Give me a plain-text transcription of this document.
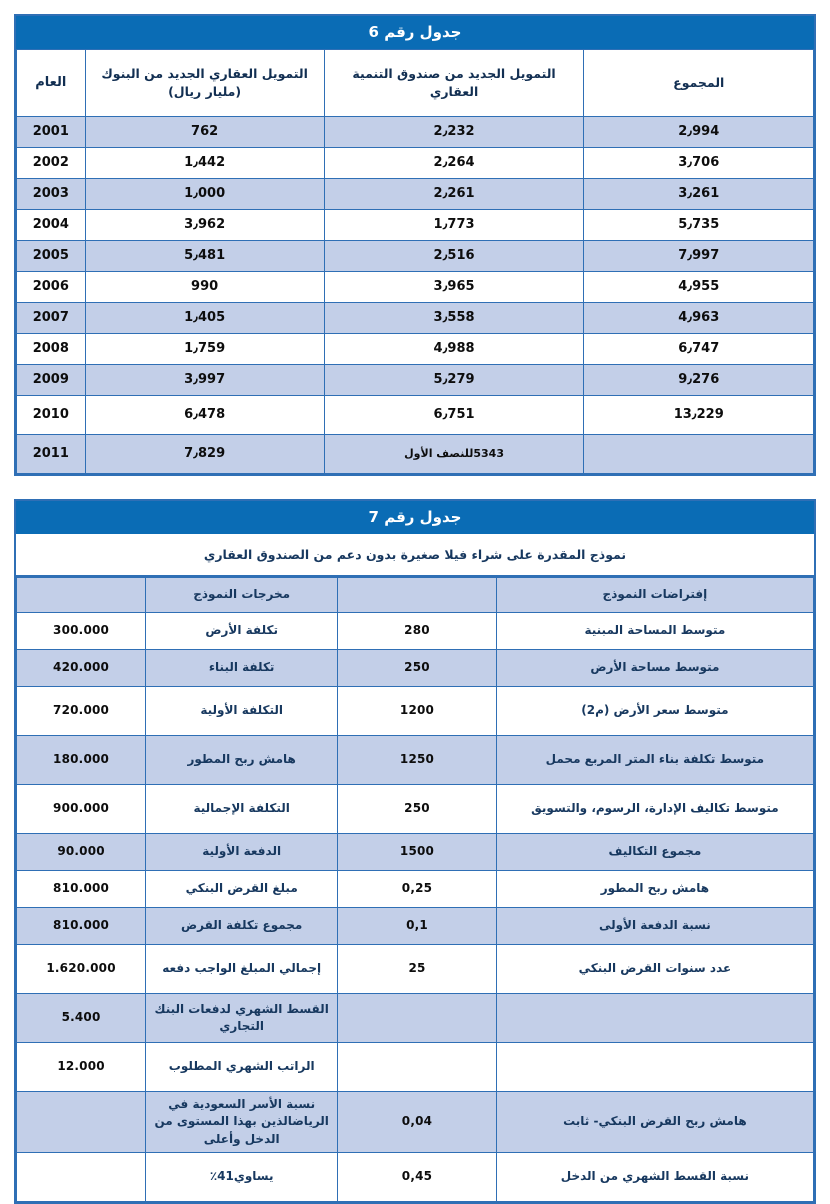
جدول رقم 6
المجموع	التمويل الجديد من صندوق التنمية العقاري	التمويل العقاري الجديد من البنوك (مليار ريال)	العام
2٫994	2٫232	762	2001
3٫706	2٫264	1٫442	2002
3٫261	2٫261	1٫000	2003
5٫735	1٫773	3٫962	2004
7٫997	2٫516	5٫481	2005
4٫955	3٫965	990	2006
4٫963	3٫558	1٫405	2007
6٫747	4٫988	1٫759	2008
9٫276	5٫279	3٫997	2009
13٫229	6٫751	6٫478	2010
	5343للنصف الأول	7٫829	2011
جدول رقم 7
نموذج المقدرة على شراء فيلا صغيرة بدون دعم من الصندوق العقاري
إفتراضات النموذج		مخرجات النموذج	
متوسط المساحة المبنية	280	تكلفة الأرض	300.000
متوسط مساحة الأرض	250	تكلفة البناء	420.000
متوسط سعر الأرض (م2)	1200	التكلفة الأولية	720.000
متوسط تكلفة بناء المتر المربع محمل	1250	هامش ربح المطور	180.000
متوسط تكاليف الإدارة، الرسوم، والتسويق	250	التكلفة الإجمالية	900.000
مجموع التكاليف	1500	الدفعة الأولية	90.000
هامش ربح المطور	0,25	مبلغ القرض البنكي	810.000
نسبة الدفعة الأولى	0,1	مجموع تكلفة القرض	810.000
عدد سنوات القرض البنكي	25	إجمالي المبلغ الواجب دفعه	1.620.000
		القسط الشهري لدفعات البنك التجاري	5.400
		الراتب الشهري المطلوب	12.000
هامش ربح القرض البنكي- ثابت	0,04	نسبة الأسر السعودية في الرياضالذين بهذا المستوى من الدخل وأعلى	
نسبة القسط الشهري من الدخل	0,45	يساوي41٪	
